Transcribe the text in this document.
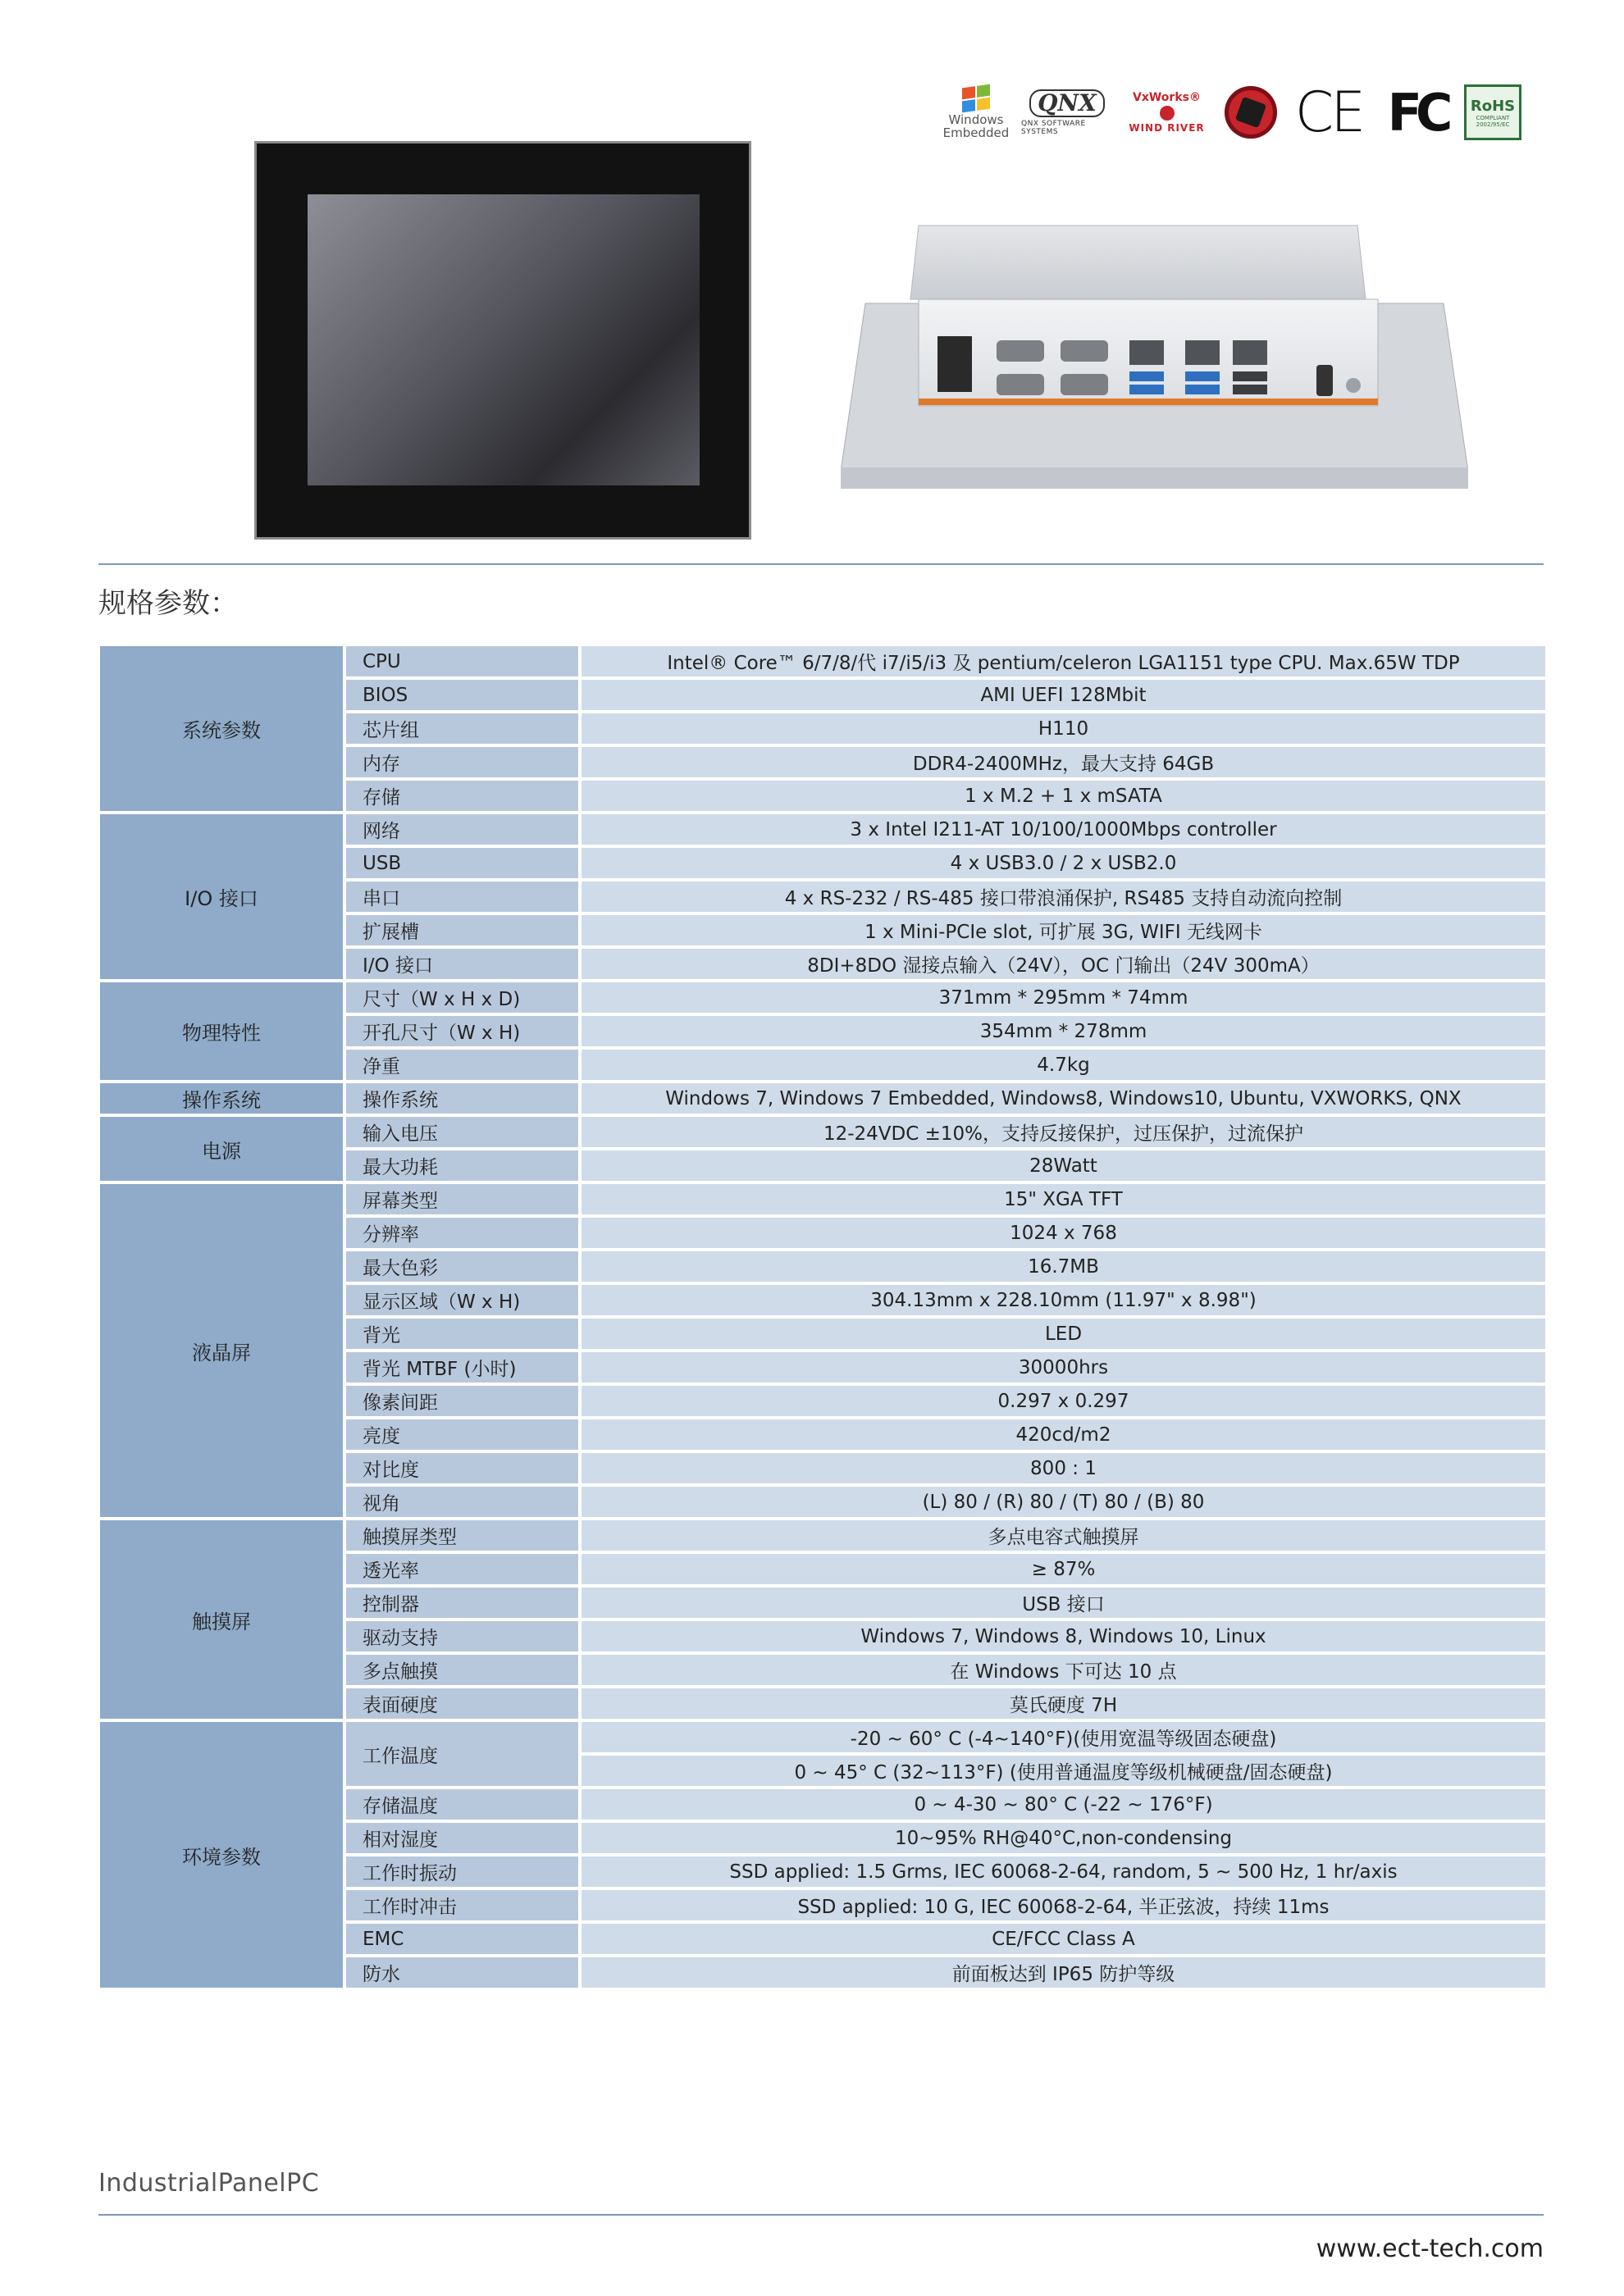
Windows
Embedded
QNX
QNX SOFTWARE SYSTEMS
VxWorks®
WIND RIVER CE FC	RoHS
COMPLIANT
2002/95/EC
规格参数：
系统参数
CPU	Intel® Core™ 6/7/8/代 i7/i5/i3 及 pentium/celeron LGA1151 type CPU. Max.65W TDP
BIOS	AMI UEFI 128Mbit
芯片组	H110
内存	DDR4-2400MHz，最大支持 64GB
存储	1 x M.2 + 1 x mSATA
I/O 接口
网络	3 x Intel I211-AT 10/100/1000Mbps controller
USB	4 x USB3.0 / 2 x USB2.0
串口	4 x RS-232 / RS-485 接口带浪涌保护, RS485 支持自动流向控制
扩展槽	1 x Mini-PCIe slot, 可扩展 3G, WIFI 无线网卡
I/O 接口	8DI+8DO 湿接点输入（24V），OC 门输出（24V 300mA）
物理特性
尺寸（W x H x D)	371mm * 295mm * 74mm
开孔尺寸（W x H)	354mm * 278mm
净重	4.7kg
操作系统	操作系统	Windows 7, Windows 7 Embedded, Windows8, Windows10, Ubuntu, VXWORKS, QNX
电源
输入电压	12-24VDC ±10%，支持反接保护，过压保护，过流保护
最大功耗	28Watt
液晶屏
屏幕类型	15" XGA TFT
分辨率	1024 x 768
最大色彩	16.7MB
显示区域（W x H)	304.13mm x 228.10mm (11.97" x 8.98")
背光	LED
背光 MTBF (小时)	30000hrs
像素间距	0.297 x 0.297
亮度	420cd/m2
对比度	800 : 1
视角	(L) 80 / (R) 80 / (T) 80 / (B) 80
触摸屏
触摸屏类型	多点电容式触摸屏
透光率	≥ 87%
控制器	USB 接口
驱动支持	Windows 7, Windows 8, Windows 10, Linux
多点触摸	在 Windows 下可达 10 点
表面硬度	莫氏硬度 7H
环境参数
工作温度
-20 ~ 60° C (-4~140°F)(使用宽温等级固态硬盘)
0 ~ 45° C (32~113°F) (使用普通温度等级机械硬盘/固态硬盘)
存储温度	0 ~ 4-30 ~ 80° C (-22 ~ 176°F)
相对湿度	10~95% RH@40°C,non-condensing
工作时振动	SSD applied: 1.5 Grms, IEC 60068-2-64, random, 5 ~ 500 Hz, 1 hr/axis
工作时冲击	SSD applied: 10 G, IEC 60068-2-64, 半正弦波，持续 11ms
EMC	CE/FCC Class A
防水	前面板达到 IP65 防护等级
IndustrialPanelPC
www.ect-tech.com
